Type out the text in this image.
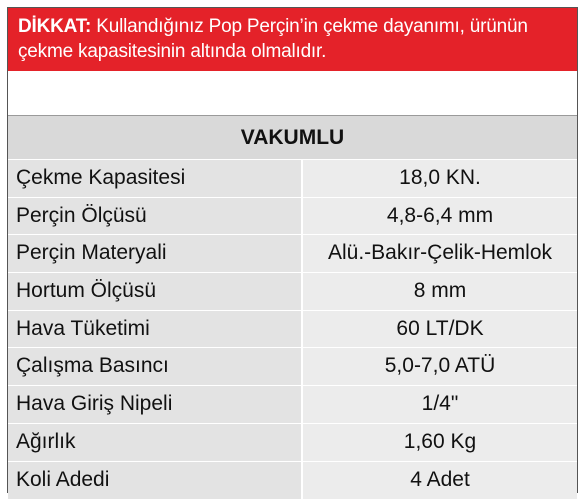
DİKKAT: Kullandığınız Pop Perçin’in çekme dayanımı, ürünün çekme kapasitesinin altında olmalıdır.
VAKUMLU
Çekme Kapasitesi	18,0 KN.
Perçin Ölçüsü	4,8-6,4 mm
Perçin Materyali	Alü.-Bakır-Çelik-Hemlok
Hortum Ölçüsü	8 mm
Hava Tüketimi	60 LT/DK
Çalışma Basıncı	5,0-7,0 ATÜ
Hava Giriş Nipeli	1/4"
Ağırlık	1,60 Kg
Koli Adedi	4 Adet
